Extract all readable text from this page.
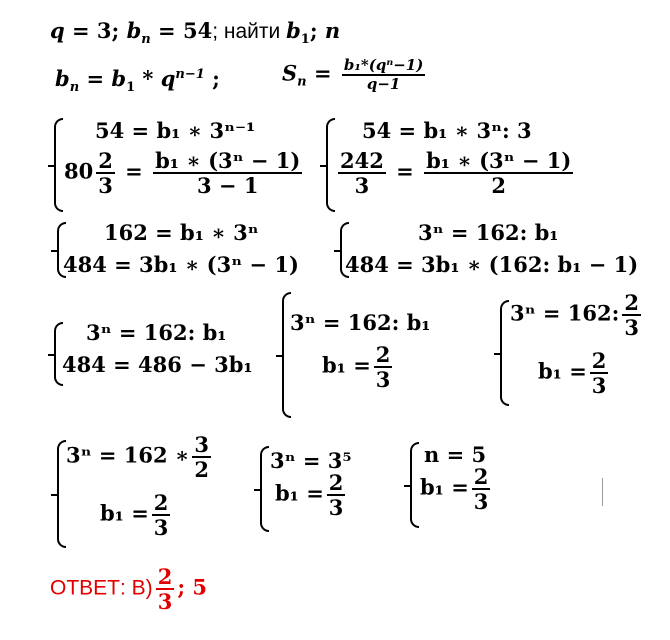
q = 3; $b_n = 54$; найти $b_1$; n
$b_n = b_1 * q^{n-1}$ ;	$S_n = \frac{\text{b₁*(qⁿ−1)}}{q-1}$
54 = b₁ ∗ 3ⁿ⁻¹
$80 \frac{2}{3} = \frac{\text{b₁ ∗ (3ⁿ − 1)}}{3 - 1}$
54 = b₁ ∗ 3ⁿ: 3
$\frac{242}{3} = \frac{\text{b₁ ∗ (3ⁿ − 1)}}{2}$
162 = b₁ ∗ 3ⁿ
484 = 3b₁ ∗ (3ⁿ − 1)
3ⁿ = 162: b₁
484 = 3b₁ ∗ (162: b₁ − 1)
3ⁿ = 162: b₁
484 = 486 − 3b₁
3ⁿ = 162: b₁
$b_1 = \frac{2}{3}$
3ⁿ = 162: $\frac{2}{3}$
$b_1 = \frac{2}{3}$
3ⁿ = 162 ∗ $\frac{3}{2}$
$b_1 = \frac{2}{3}$
3ⁿ = 3⁵
$b_1 = \frac{2}{3}$
n = 5
$b_1 = \frac{2}{3}$
ОТВЕТ: $В) \frac{2}{3}$ ; 5
